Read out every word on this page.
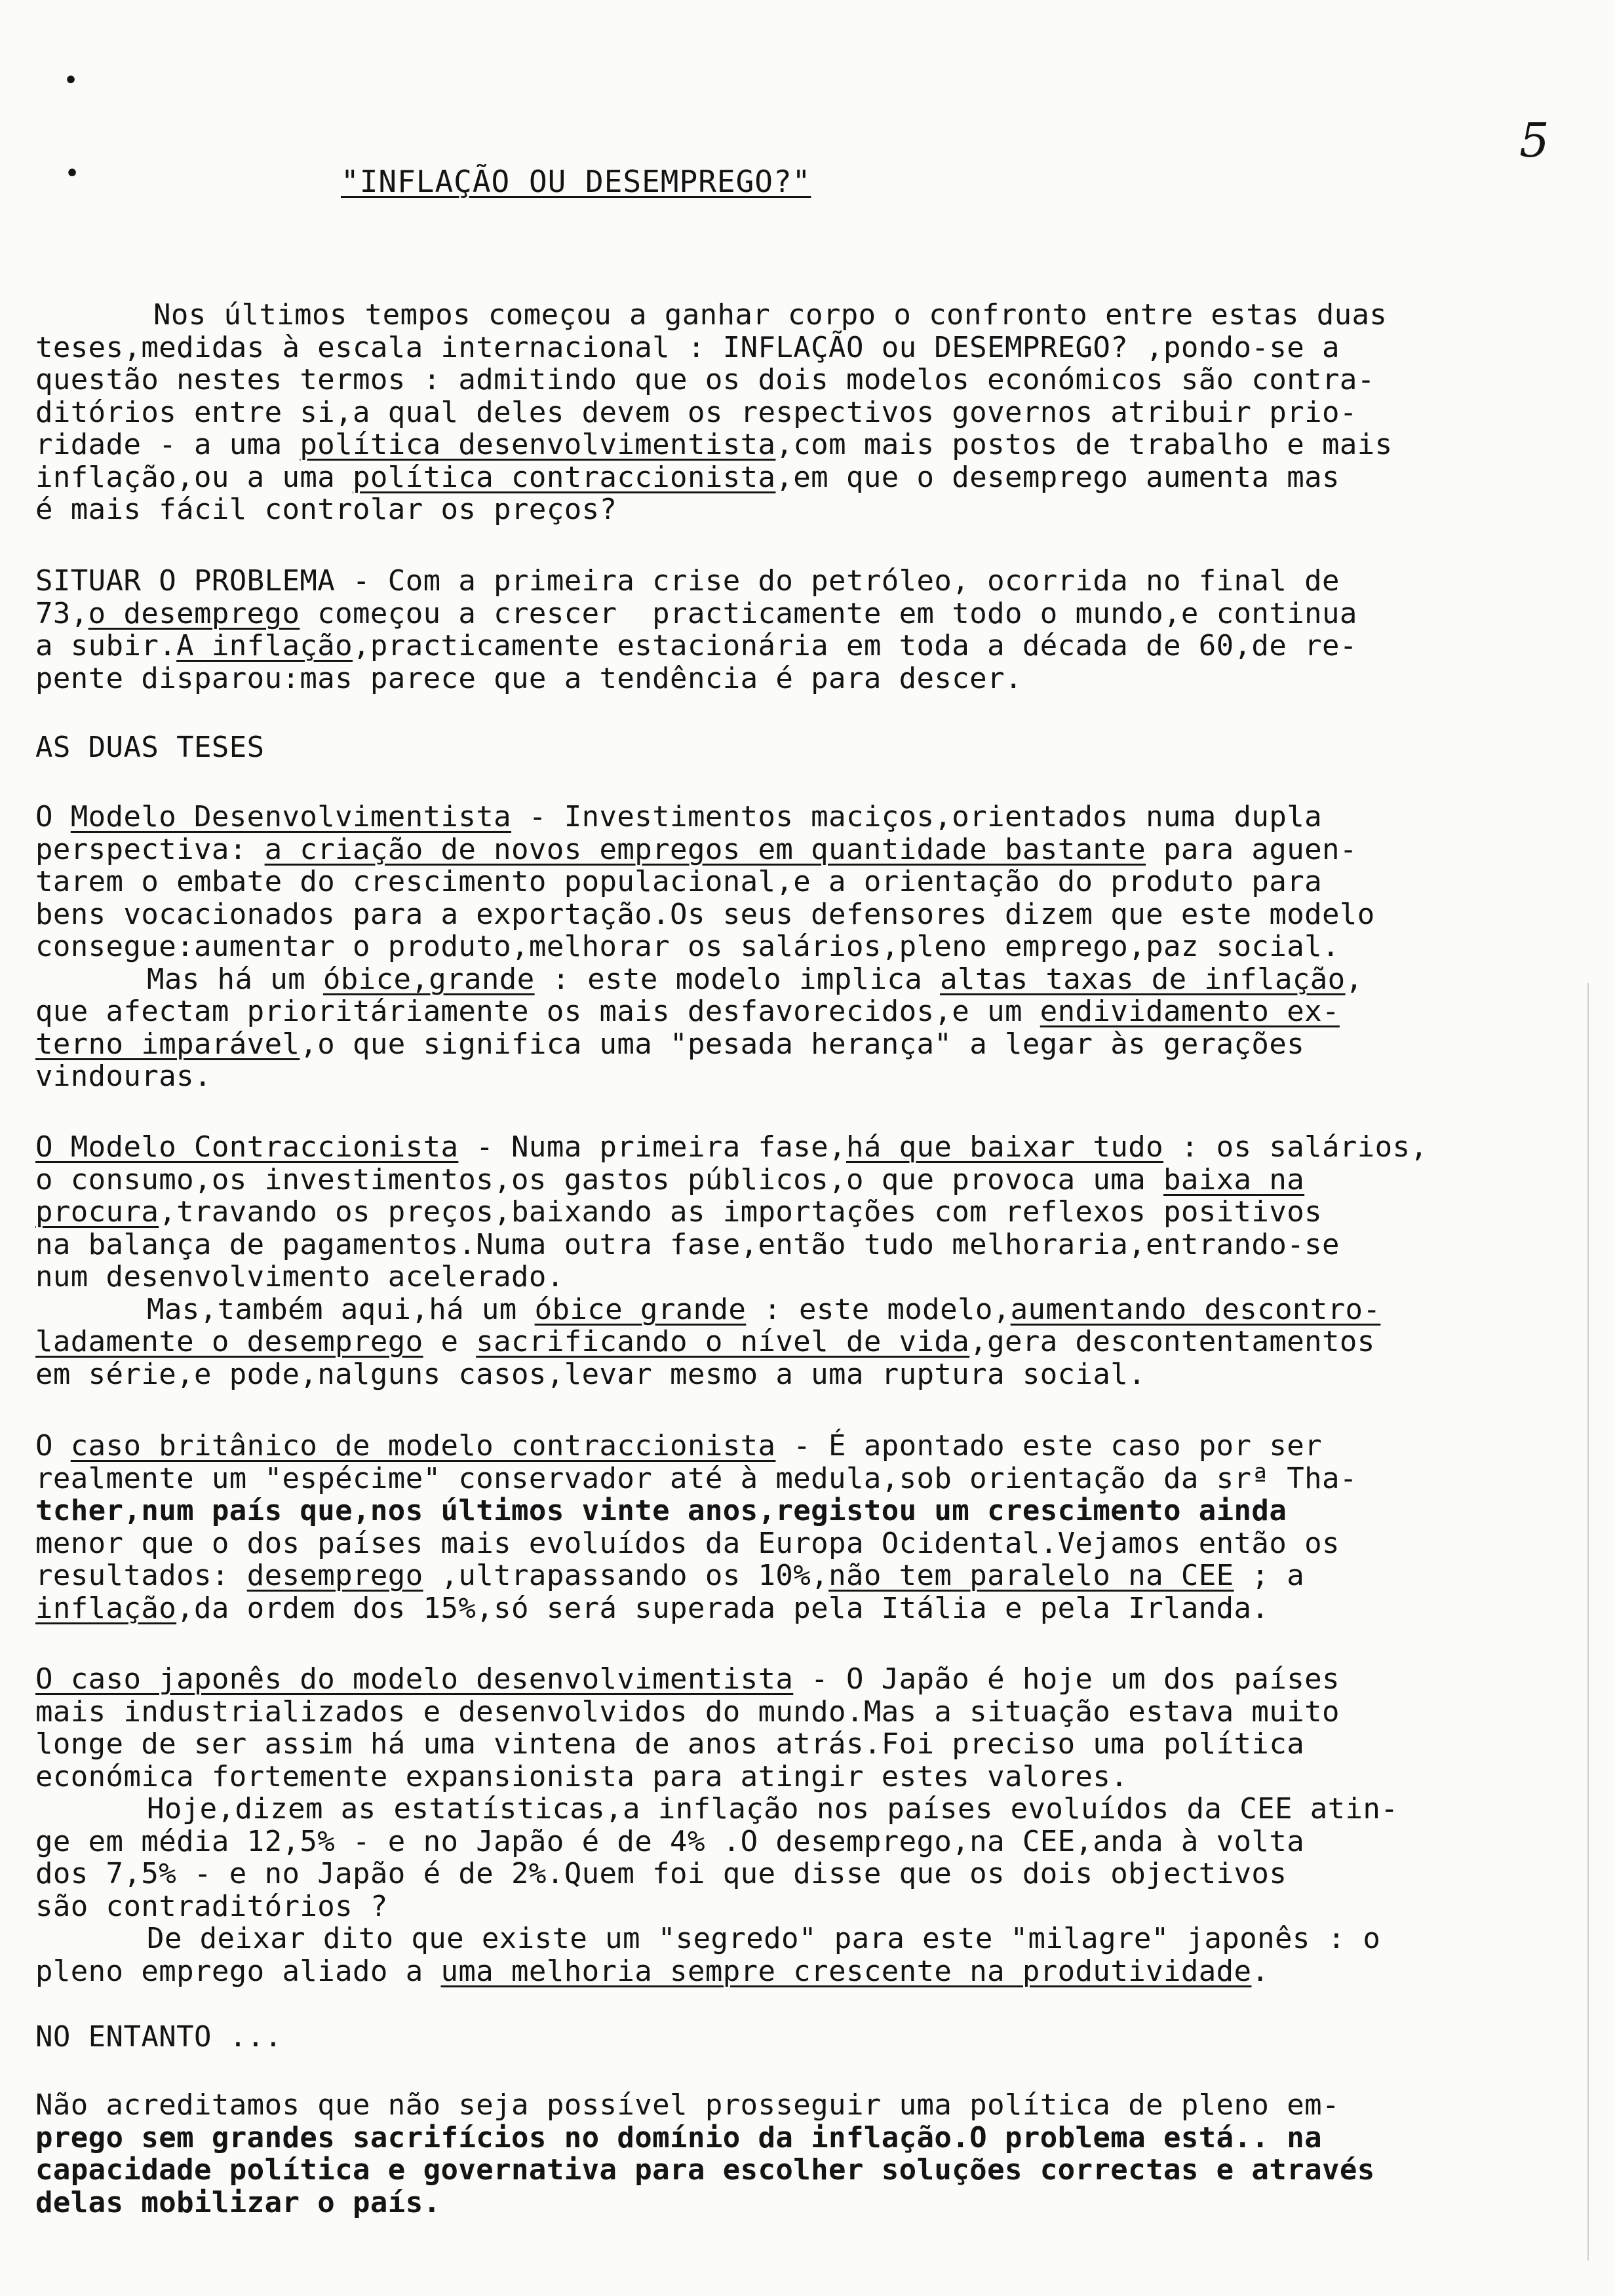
•
•
5
"INFLAÇÃO OU DESEMPREGO?"
Nos últimos tempos começou a ganhar corpo o confronto entre estas duas
teses,medidas à escala internacional : INFLAÇÃO ou DESEMPREGO? ,pondo-se a
questão nestes termos : admitindo que os dois modelos económicos são contra-
ditórios entre si,a qual deles devem os respectivos governos atribuir prio-
ridade - a uma política desenvolvimentista,com mais postos de trabalho e mais
inflação,ou a uma política contraccionista,em que o desemprego aumenta mas
é mais fácil controlar os preços?
SITUAR O PROBLEMA - Com a primeira crise do petróleo, ocorrida no final de
73,o desemprego começou a crescer  practicamente em todo o mundo,e continua
a subir.A inflação,practicamente estacionária em toda a década de 60,de re-
pente disparou:mas parece que a tendência é para descer.
AS DUAS TESES
O Modelo Desenvolvimentista - Investimentos maciços,orientados numa dupla
perspectiva: a criação de novos empregos em quantidade bastante para aguen-
tarem o embate do crescimento populacional,e a orientação do produto para
bens vocacionados para a exportação.Os seus defensores dizem que este modelo
consegue:aumentar o produto,melhorar os salários,pleno emprego,paz social.
Mas há um óbice,grande : este modelo implica altas taxas de inflação,
que afectam prioritáriamente os mais desfavorecidos,e um endividamento ex-
terno imparável,o que significa uma "pesada herança" a legar às gerações
vindouras.
O Modelo Contraccionista - Numa primeira fase,há que baixar tudo : os salários,
o consumo,os investimentos,os gastos públicos,o que provoca uma baixa na
procura,travando os preços,baixando as importações com reflexos positivos
na balança de pagamentos.Numa outra fase,então tudo melhoraria,entrando-se
num desenvolvimento acelerado.
Mas,também aqui,há um óbice grande : este modelo,aumentando descontro-
ladamente o desemprego e sacrificando o nível de vida,gera descontentamentos
em série,e pode,nalguns casos,levar mesmo a uma ruptura social.
O caso britânico de modelo contraccionista - É apontado este caso por ser
realmente um "espécime" conservador até à medula,sob orientação da srª Tha-
tcher,num país que,nos últimos vinte anos,registou um crescimento ainda
menor que o dos países mais evoluídos da Europa Ocidental.Vejamos então os
resultados: desemprego ,ultrapassando os 10%,não tem paralelo na CEE ; a
inflação,da ordem dos 15%,só será superada pela Itália e pela Irlanda.
O caso japonês do modelo desenvolvimentista - O Japão é hoje um dos países
mais industrializados e desenvolvidos do mundo.Mas a situação estava muito
longe de ser assim há uma vintena de anos atrás.Foi preciso uma política
económica fortemente expansionista para atingir estes valores.
Hoje,dizem as estatísticas,a inflação nos países evoluídos da CEE atin-
ge em média 12,5% - e no Japão é de 4% .O desemprego,na CEE,anda à volta
dos 7,5% - e no Japão é de 2%.Quem foi que disse que os dois objectivos
são contraditórios ?
De deixar dito que existe um "segredo" para este "milagre" japonês : o
pleno emprego aliado a uma melhoria sempre crescente na produtividade.
NO ENTANTO ...
Não acreditamos que não seja possível prosseguir uma política de pleno em-
prego sem grandes sacrifícios no domínio da inflação.O problema está.. na
capacidade política e governativa para escolher soluções correctas e através
delas mobilizar o país.
